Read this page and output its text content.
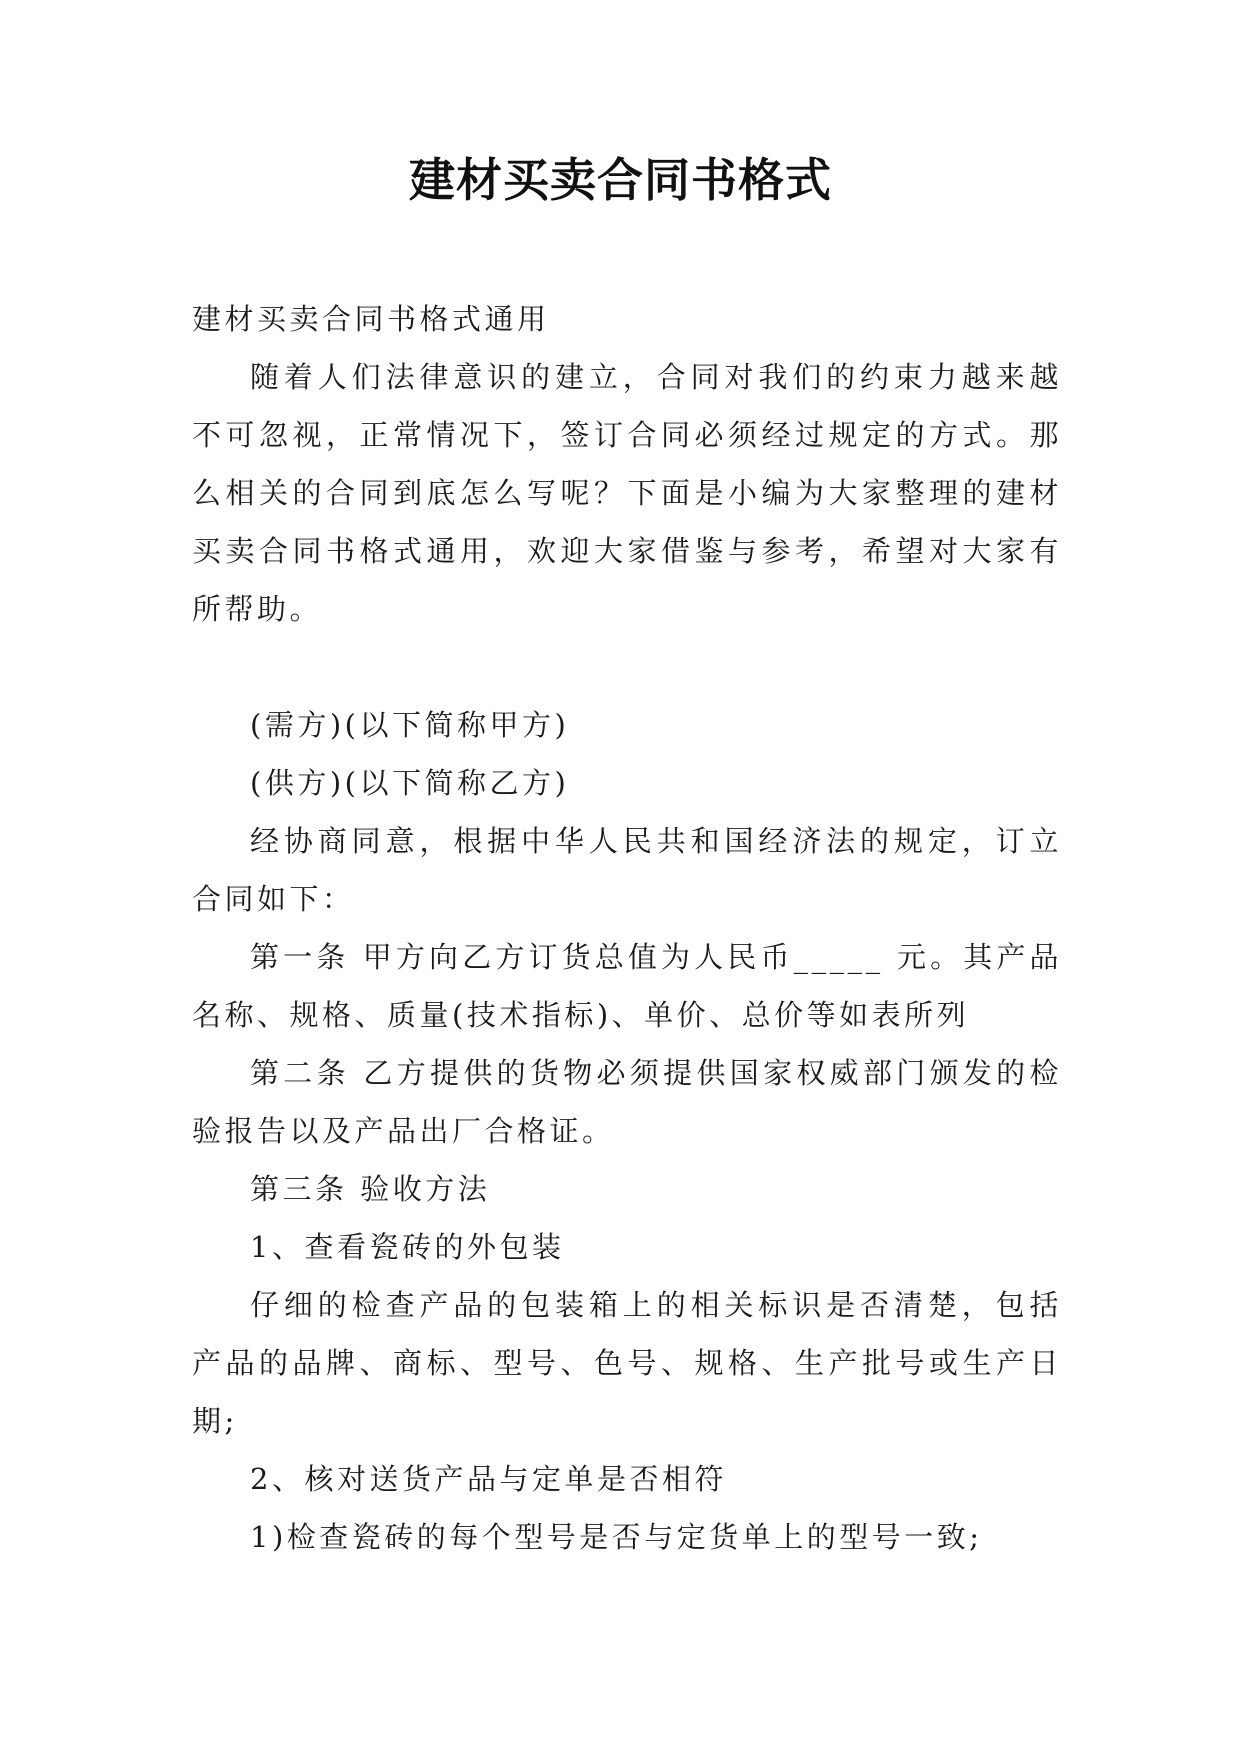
建材买卖合同书格式

建材买卖合同书格式通用

随着人们法律意识的建立，合同对我们的约束力越来越不可忽视，正常情况下，签订合同必须经过规定的方式。那么相关的合同到底怎么写呢？下面是小编为大家整理的建材买卖合同书格式通用，欢迎大家借鉴与参考，希望对大家有所帮助。

(需方)(以下简称甲方)

(供方)(以下简称乙方)

经协商同意，根据中华人民共和国经济法的规定，订立合同如下：

第一条 甲方向乙方订货总值为人民币_____ 元。其产品名称、规格、质量(技术指标)、单价、总价等如表所列

第二条 乙方提供的货物必须提供国家权威部门颁发的检验报告以及产品出厂合格证。

第三条 验收方法

1、查看瓷砖的外包装

仔细的检查产品的包装箱上的相关标识是否清楚，包括产品的品牌、商标、型号、色号、规格、生产批号或生产日期;

2、核对送货产品与定单是否相符

1)检查瓷砖的每个型号是否与定货单上的型号一致;
